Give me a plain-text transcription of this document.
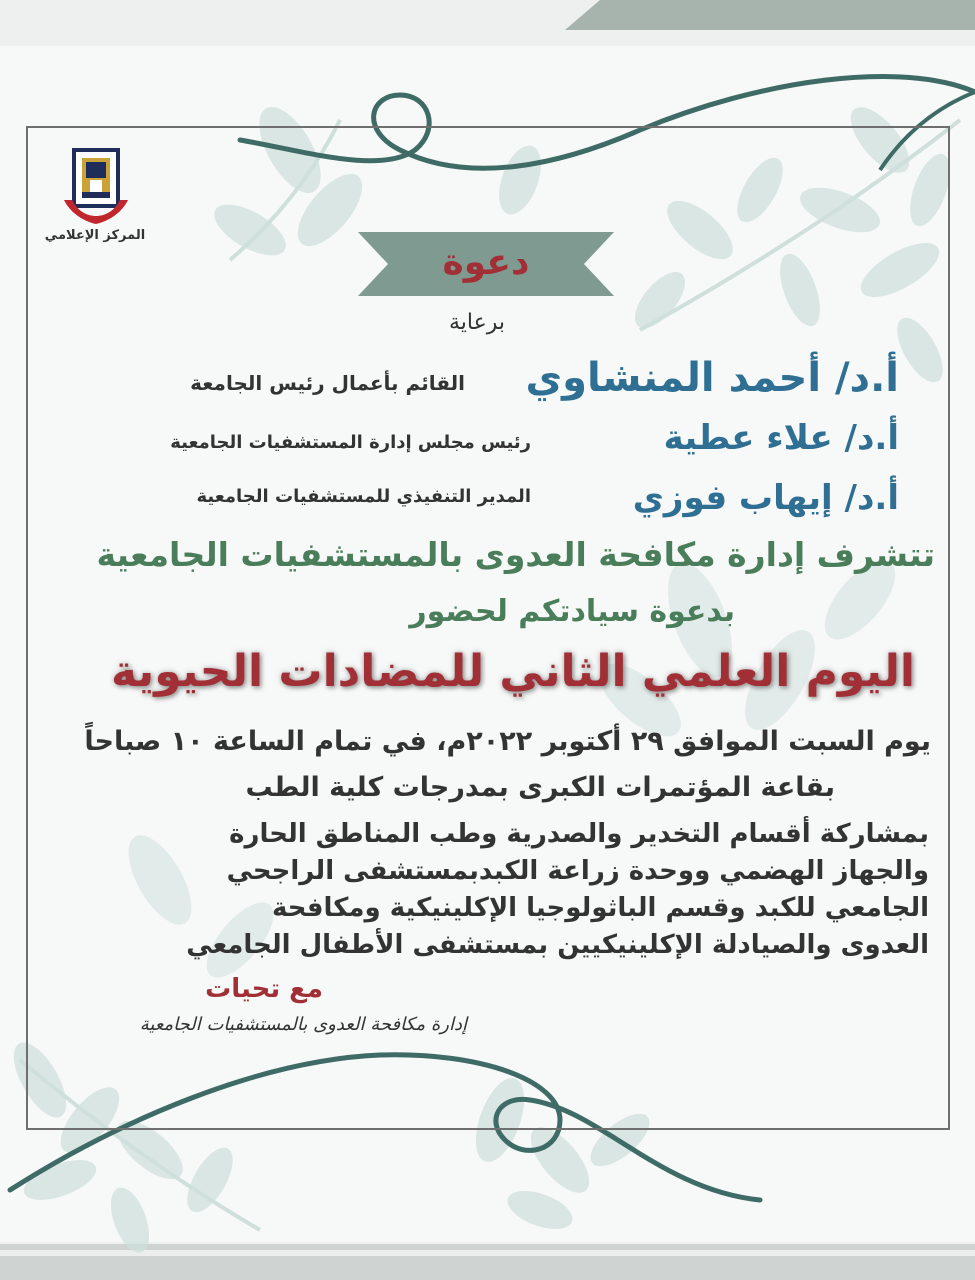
المركز الإعلامي
دعوة
برعاية
أ.د/ أحمد المنشاوي
القائم بأعمال رئيس الجامعة
أ.د/ علاء عطية
رئيس مجلس إدارة المستشفيات الجامعية
أ.د/ إيهاب فوزي
المدير التنفيذي للمستشفيات الجامعية
تتشرف إدارة مكافحة العدوى بالمستشفيات الجامعية
بدعوة سيادتكم لحضور
اليوم العلمي الثاني للمضادات الحيوية
يوم السبت الموافق ٢٩ أكتوبر ٢٠٢٢م، في تمام الساعة ١٠ صباحاً
بقاعة المؤتمرات الكبرى بمدرجات كلية الطب
بمشاركة أقسام التخدير والصدرية وطب المناطق الحارة
والجهاز الهضمي ووحدة زراعة الكبدبمستشفى الراجحي
الجامعي للكبد وقسم الباثولوجيا الإكلينيكية ومكافحة
العدوى والصيادلة الإكلينيكيين بمستشفى الأطفال الجامعي
مع تحيات
إدارة مكافحة العدوى بالمستشفيات الجامعية
